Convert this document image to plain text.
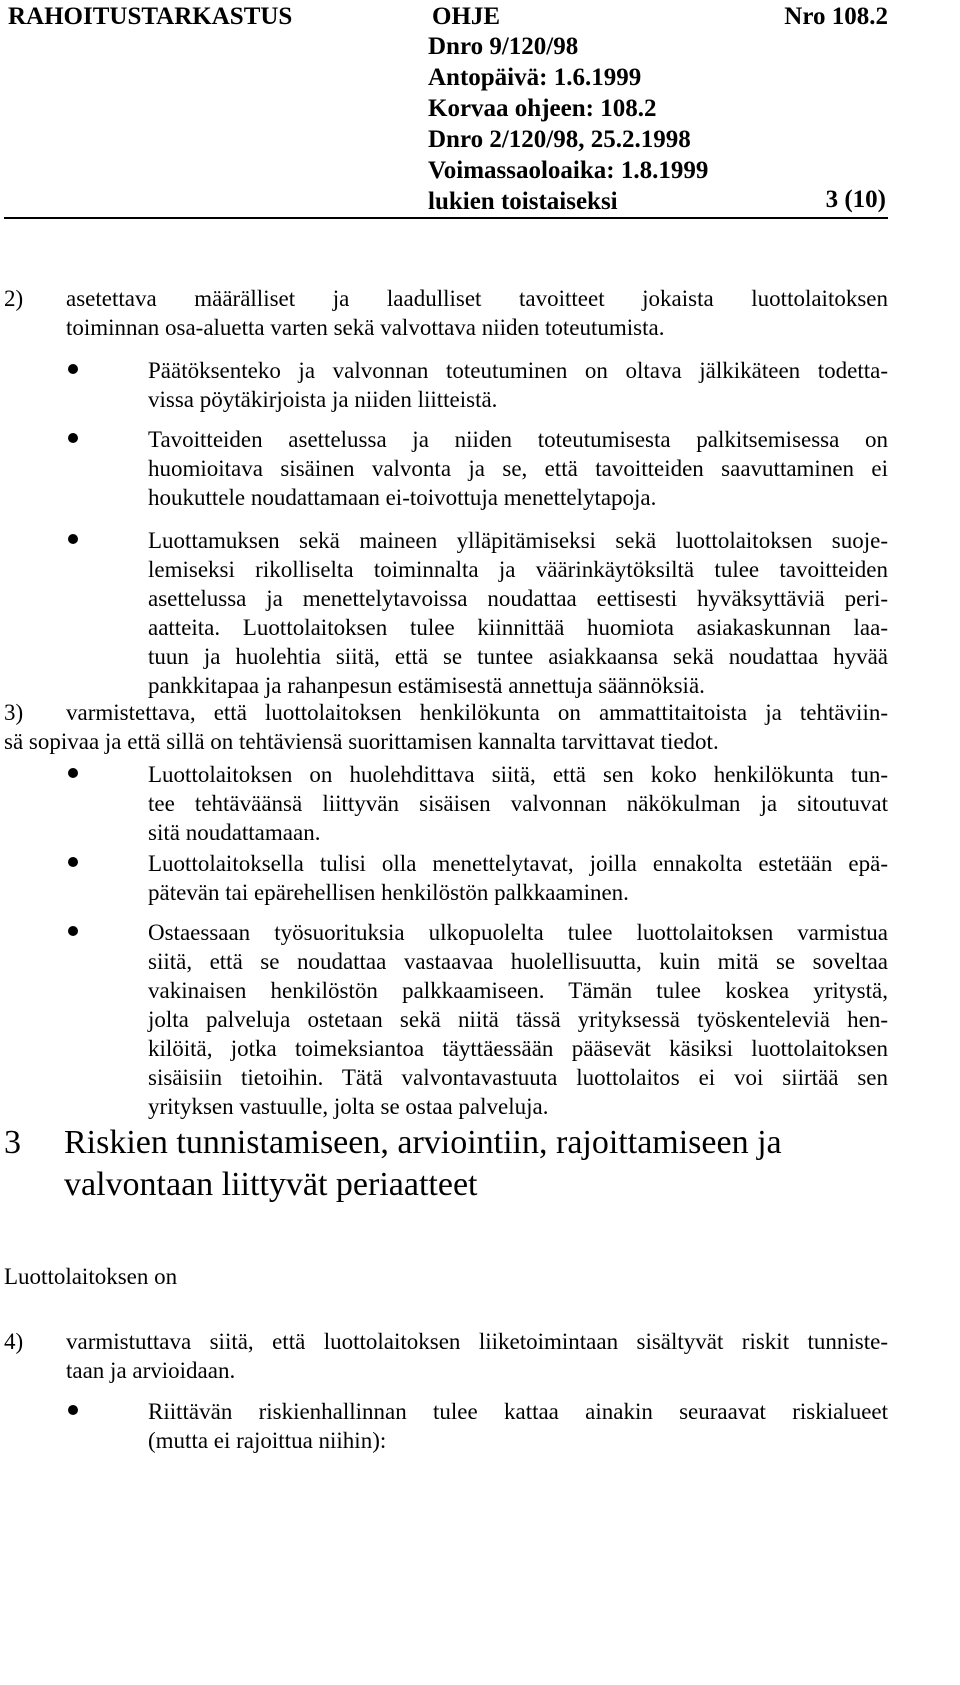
RAHOITUSTARKASTUS	OHJE	Nro 108.2
Dnro 9/120/98
Antopäivä: 1.6.1999
Korvaa ohjeen: 108.2
Dnro 2/120/98, 25.2.1998
Voimassaoloaika: 1.8.1999
lukien toistaiseksi	3 (10)
2) asetettava määrälliset ja laadulliset tavoitteet jokaista luottolaitoksen
toiminnan osa-aluetta varten sekä valvottava niiden toteutumista.
Päätöksenteko ja valvonnan toteutuminen on oltava jälkikäteen todetta-
vissa pöytäkirjoista ja niiden liitteistä.
Tavoitteiden asettelussa ja niiden toteutumisesta palkitsemisessa on
huomioitava sisäinen valvonta ja se, että tavoitteiden saavuttaminen ei
houkuttele noudattamaan ei-toivottuja menettelytapoja.
Luottamuksen sekä maineen ylläpitämiseksi sekä luottolaitoksen suoje-
lemiseksi rikolliselta toiminnalta ja väärinkäytöksiltä tulee tavoitteiden
asettelussa ja menettelytavoissa noudattaa eettisesti hyväksyttäviä peri-
aatteita. Luottolaitoksen tulee kiinnittää huomiota asiakaskunnan laa-
tuun ja huolehtia siitä, että se tuntee asiakkaansa sekä noudattaa hyvää
pankkitapaa ja rahanpesun estämisestä annettuja säännöksiä.
3)	varmistettava, että luottolaitoksen henkilökunta on ammattitaitoista ja tehtäviin-
sä sopivaa ja että sillä on tehtäviensä suorittamisen kannalta tarvittavat tiedot.
Luottolaitoksen on huolehdittava siitä, että sen koko henkilökunta tun-
tee tehtäväänsä liittyvän sisäisen valvonnan näkökulman ja sitoutuvat
sitä noudattamaan.
Luottolaitoksella tulisi olla menettelytavat, joilla ennakolta estetään epä-
pätevän tai epärehellisen henkilöstön palkkaaminen.
Ostaessaan työsuorituksia ulkopuolelta tulee luottolaitoksen varmistua
siitä, että se noudattaa vastaavaa huolellisuutta, kuin mitä se soveltaa
vakinaisen henkilöstön palkkaamiseen. Tämän tulee koskea yritystä,
jolta palveluja ostetaan sekä niitä tässä yrityksessä työskenteleviä hen-
kilöitä, jotka toimeksiantoa täyttäessään pääsevät käsiksi luottolaitoksen
sisäisiin tietoihin. Tätä valvontavastuuta luottolaitos ei voi siirtää sen
yrityksen vastuulle, jolta se ostaa palveluja.
3 Riskien tunnistamiseen, arviointiin, rajoittamiseen ja
valvontaan liittyvät periaatteet
Luottolaitoksen on
4) varmistuttava siitä, että luottolaitoksen liiketoimintaan sisältyvät riskit tunniste-
taan ja arvioidaan.
Riittävän riskienhallinnan tulee kattaa ainakin seuraavat riskialueet
(mutta ei rajoittua niihin):
